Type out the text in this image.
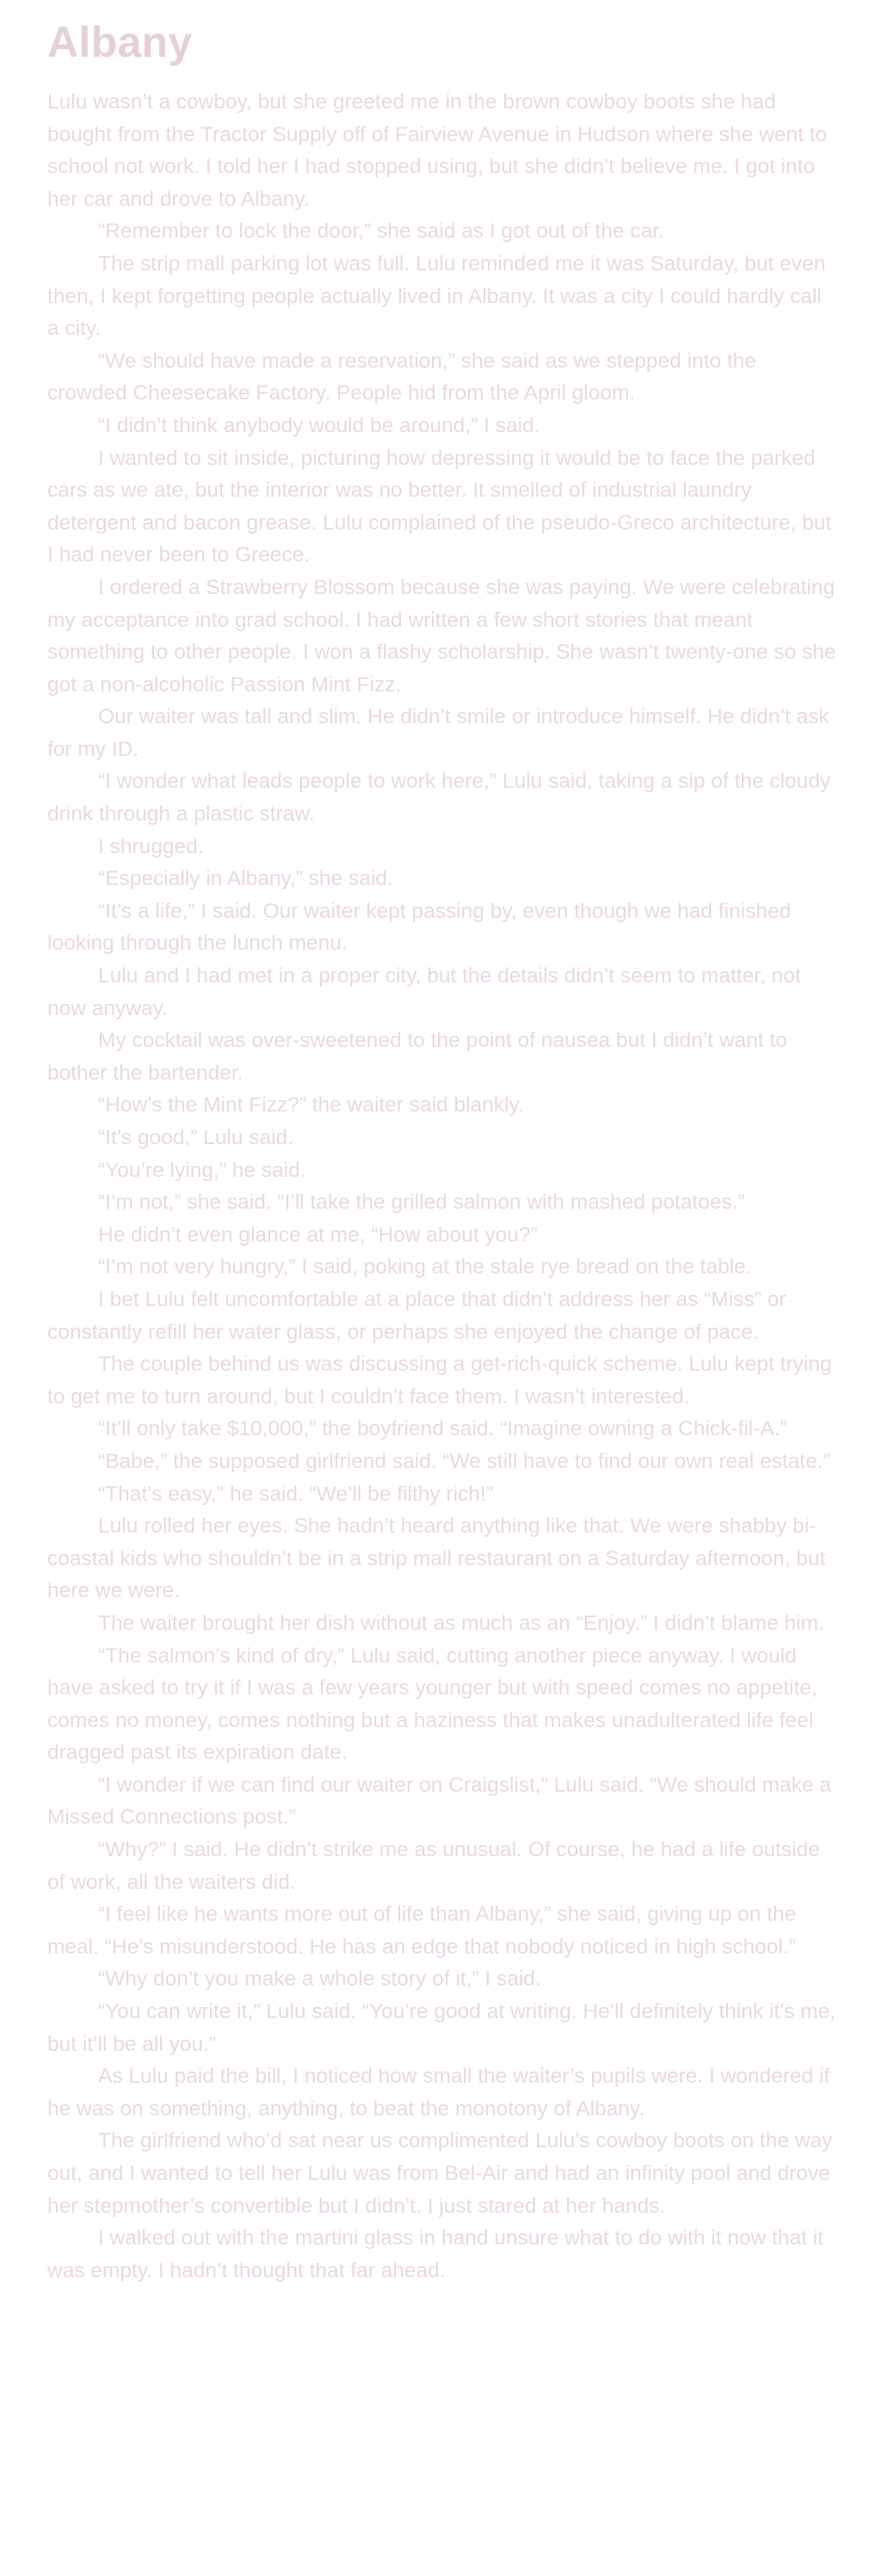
Albany

Lulu wasn’t a cowboy, but she greeted me in the brown cowboy boots she had bought from the Tractor Supply off of Fairview Avenue in Hudson where she went to school not work. I told her I had stopped using, but she didn’t believe me. I got into her car and drove to Albany.

“Remember to lock the door,” she said as I got out of the car.

The strip mall parking lot was full. Lulu reminded me it was Saturday, but even then, I kept forgetting people actually lived in Albany. It was a city I could hardly call a city.

“We should have made a reservation,” she said as we stepped into the crowded Cheesecake Factory. People hid from the April gloom.

“I didn’t think anybody would be around,” I said.

I wanted to sit inside, picturing how depressing it would be to face the parked cars as we ate, but the interior was no better. It smelled of industrial laundry detergent and bacon grease. Lulu complained of the pseudo-Greco architecture, but I had never been to Greece.

I ordered a Strawberry Blossom because she was paying. We were celebrating my acceptance into grad school. I had written a few short stories that meant something to other people. I won a flashy scholarship. She wasn’t twenty-one so she got a non-alcoholic Passion Mint Fizz.

Our waiter was tall and slim. He didn’t smile or introduce himself. He didn’t ask for my ID.

“I wonder what leads people to work here,” Lulu said, taking a sip of the cloudy drink through a plastic straw.

I shrugged.

“Especially in Albany,” she said.

“It’s a life,” I said. Our waiter kept passing by, even though we had finished looking through the lunch menu.

Lulu and I had met in a proper city, but the details didn’t seem to matter, not now anyway.

My cocktail was over-sweetened to the point of nausea but I didn’t want to bother the bartender.

“How’s the Mint Fizz?” the waiter said blankly.

“It’s good,” Lulu said.

“You’re lying,” he said.

“I’m not,” she said. “I’ll take the grilled salmon with mashed potatoes.”

He didn’t even glance at me, “How about you?”

“I’m not very hungry,” I said, poking at the stale rye bread on the table.

I bet Lulu felt uncomfortable at a place that didn’t address her as “Miss” or constantly refill her water glass, or perhaps she enjoyed the change of pace.

The couple behind us was discussing a get-rich-quick scheme. Lulu kept trying to get me to turn around, but I couldn’t face them. I wasn’t interested.

“It’ll only take $10,000,” the boyfriend said. “Imagine owning a Chick-fil-A.”

“Babe,” the supposed girlfriend said. “We still have to find our own real estate.”

“That’s easy,” he said. “We’ll be filthy rich!”

Lulu rolled her eyes. She hadn’t heard anything like that. We were shabby bi-coastal kids who shouldn’t be in a strip mall restaurant on a Saturday afternoon, but here we were.

The waiter brought her dish without as much as an “Enjoy.” I didn’t blame him.

“The salmon’s kind of dry,” Lulu said, cutting another piece anyway. I would have asked to try it if I was a few years younger but with speed comes no appetite, comes no money, comes nothing but a haziness that makes unadulterated life feel dragged past its expiration date.

“I wonder if we can find our waiter on Craigslist,” Lulu said. “We should make a Missed Connections post.”

“Why?” I said. He didn’t strike me as unusual. Of course, he had a life outside of work, all the waiters did.

“I feel like he wants more out of life than Albany,” she said, giving up on the meal. “He’s misunderstood. He has an edge that nobody noticed in high school.”

“Why don’t you make a whole story of it,” I said.

“You can write it,” Lulu said. “You’re good at writing. He’ll definitely think it’s me, but it’ll be all you.”

As Lulu paid the bill, I noticed how small the waiter’s pupils were. I wondered if he was on something, anything, to beat the monotony of Albany.

The girlfriend who’d sat near us complimented Lulu’s cowboy boots on the way out, and I wanted to tell her Lulu was from Bel-Air and had an infinity pool and drove her stepmother’s convertible but I didn’t. I just stared at her hands.

I walked out with the martini glass in hand unsure what to do with it now that it was empty. I hadn’t thought that far ahead.
